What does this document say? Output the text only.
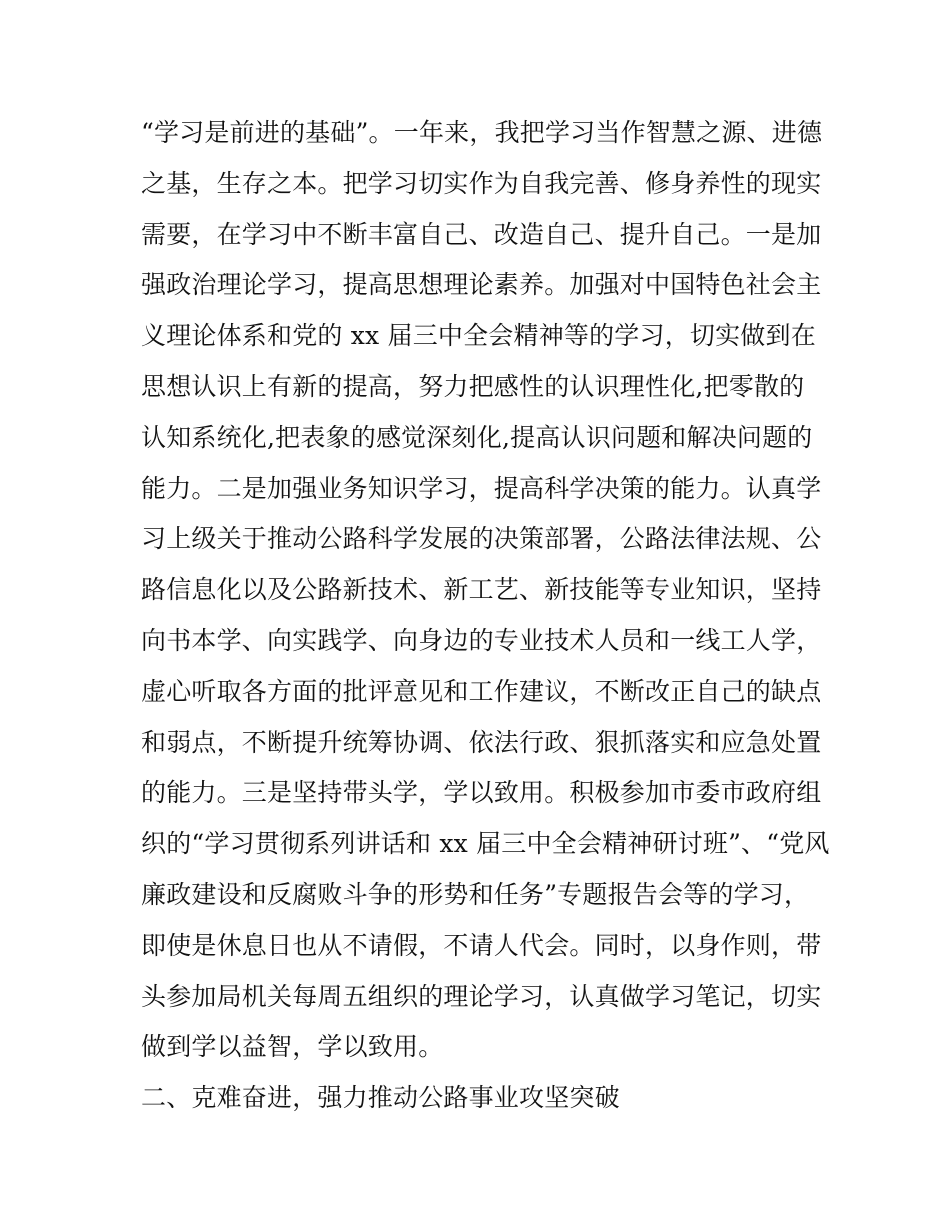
“学习是前进的基础”。一年来，我把学习当作智慧之源、进德
之基，生存之本。把学习切实作为自我完善、修身养性的现实
需要，在学习中不断丰富自己、改造自己、提升自己。一是加
强政治理论学习，提高思想理论素养。加强对中国特色社会主
义理论体系和党的 xx 届三中全会精神等的学习，切实做到在
思想认识上有新的提高，努力把感性的认识理性化,把零散的
认知系统化,把表象的感觉深刻化,提高认识问题和解决问题的
能力。二是加强业务知识学习，提高科学决策的能力。认真学
习上级关于推动公路科学发展的决策部署，公路法律法规、公
路信息化以及公路新技术、新工艺、新技能等专业知识，坚持
向书本学、向实践学、向身边的专业技术人员和一线工人学，
虚心听取各方面的批评意见和工作建议，不断改正自己的缺点
和弱点，不断提升统筹协调、依法行政、狠抓落实和应急处置
的能力。三是坚持带头学，学以致用。积极参加市委市政府组
织的“学习贯彻系列讲话和 xx 届三中全会精神研讨班”、“党风
廉政建设和反腐败斗争的形势和任务”专题报告会等的学习，
即使是休息日也从不请假，不请人代会。同时，以身作则，带
头参加局机关每周五组织的理论学习，认真做学习笔记，切实
做到学以益智，学以致用。
二、克难奋进，强力推动公路事业攻坚突破
